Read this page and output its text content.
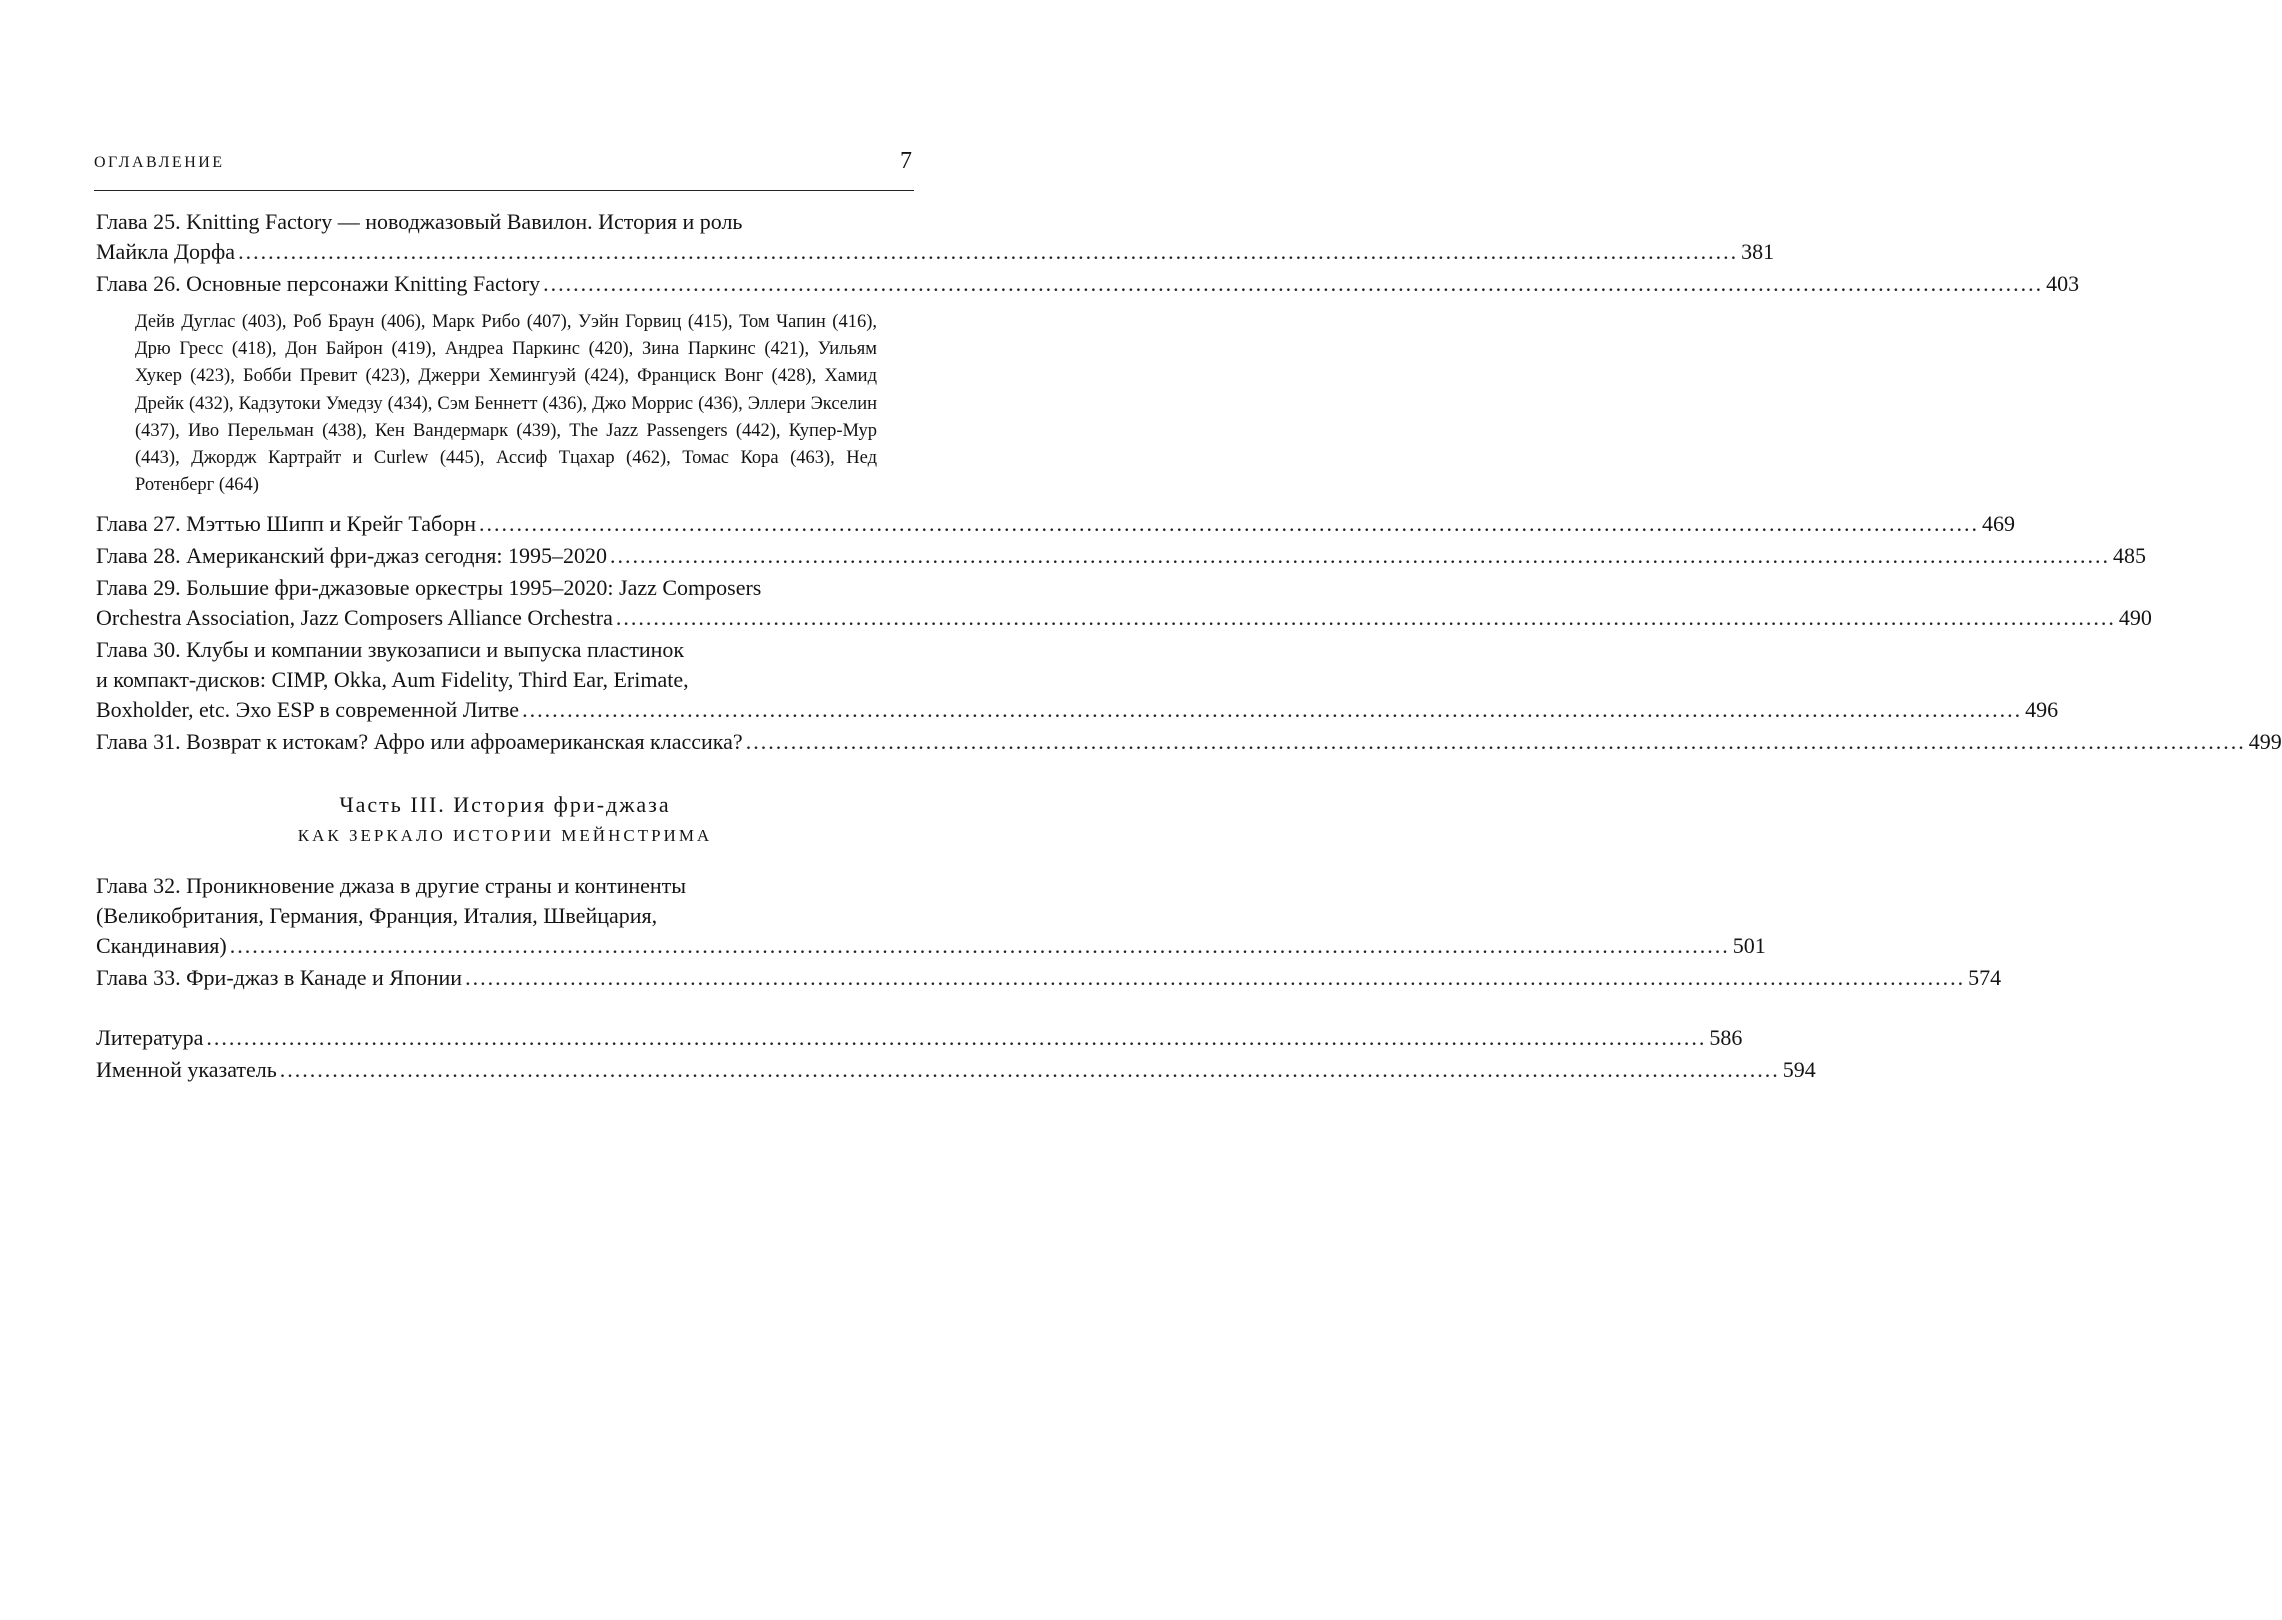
ОГЛАВЛЕНИЕ	7
Глава 25. Knitting Factory — новоджазовый Вавилон. История и роль
Майкла Дорфа ........................................................................................................................................................................................................ 381
Глава 26. Основные персонажи Knitting Factory ........................................................................................................................................................................................................ 403
Дейв Дуглас (403), Роб Браун (406), Марк Рибо (407), Уэйн Горвиц (415), Том Чапин (416), Дрю Гресс (418), Дон Байрон (419), Андреа Паркинс (420), Зина Паркинс (421), Уильям Хукер (423), Бобби Превит (423), Джерри Хемингуэй (424), Франциск Вонг (428), Хамид Дрейк (432), Кадзутоки Умедзу (434), Сэм Беннетт (436), Джо Моррис (436), Эллери Экселин (437), Иво Перельман (438), Кен Вандермарк (439), The Jazz Passengers (442), Купер-Мур (443), Джордж Картрайт и Curlew (445), Ассиф Тцахар (462), Томас Кора (463), Нед Ротенберг (464)
Глава 27. Мэттью Шипп и Крейг Таборн ........................................................................................................................................................................................................ 469
Глава 28. Американский фри-джаз сегодня: 1995–2020 ........................................................................................................................................................................................................ 485
Глава 29. Большие фри-джазовые оркестры 1995–2020: Jazz Composers
Orchestra Association, Jazz Composers Alliance Orchestra ........................................................................................................................................................................................................ 490
Глава 30. Клубы и компании звукозаписи и выпуска пластинок
и компакт-дисков: CIMP, Okka, Aum Fidelity, Third Ear, Erimate,
Boxholder, etc. Эхо ESP в современной Литве ........................................................................................................................................................................................................ 496
Глава 31. Возврат к истокам? Афро или афроамериканская классика? ........................................................................................................................................................................................................ 499
Часть III. История фри-джаза
КАК ЗЕРКАЛО ИСТОРИИ МЕЙНСТРИМА
Глава 32. Проникновение джаза в другие страны и континенты
(Великобритания, Германия, Франция, Италия, Швейцария,
Скандинавия) ........................................................................................................................................................................................................ 501
Глава 33. Фри-джаз в Канаде и Японии ........................................................................................................................................................................................................ 574
Литература ........................................................................................................................................................................................................ 586
Именной указатель ........................................................................................................................................................................................................ 594
